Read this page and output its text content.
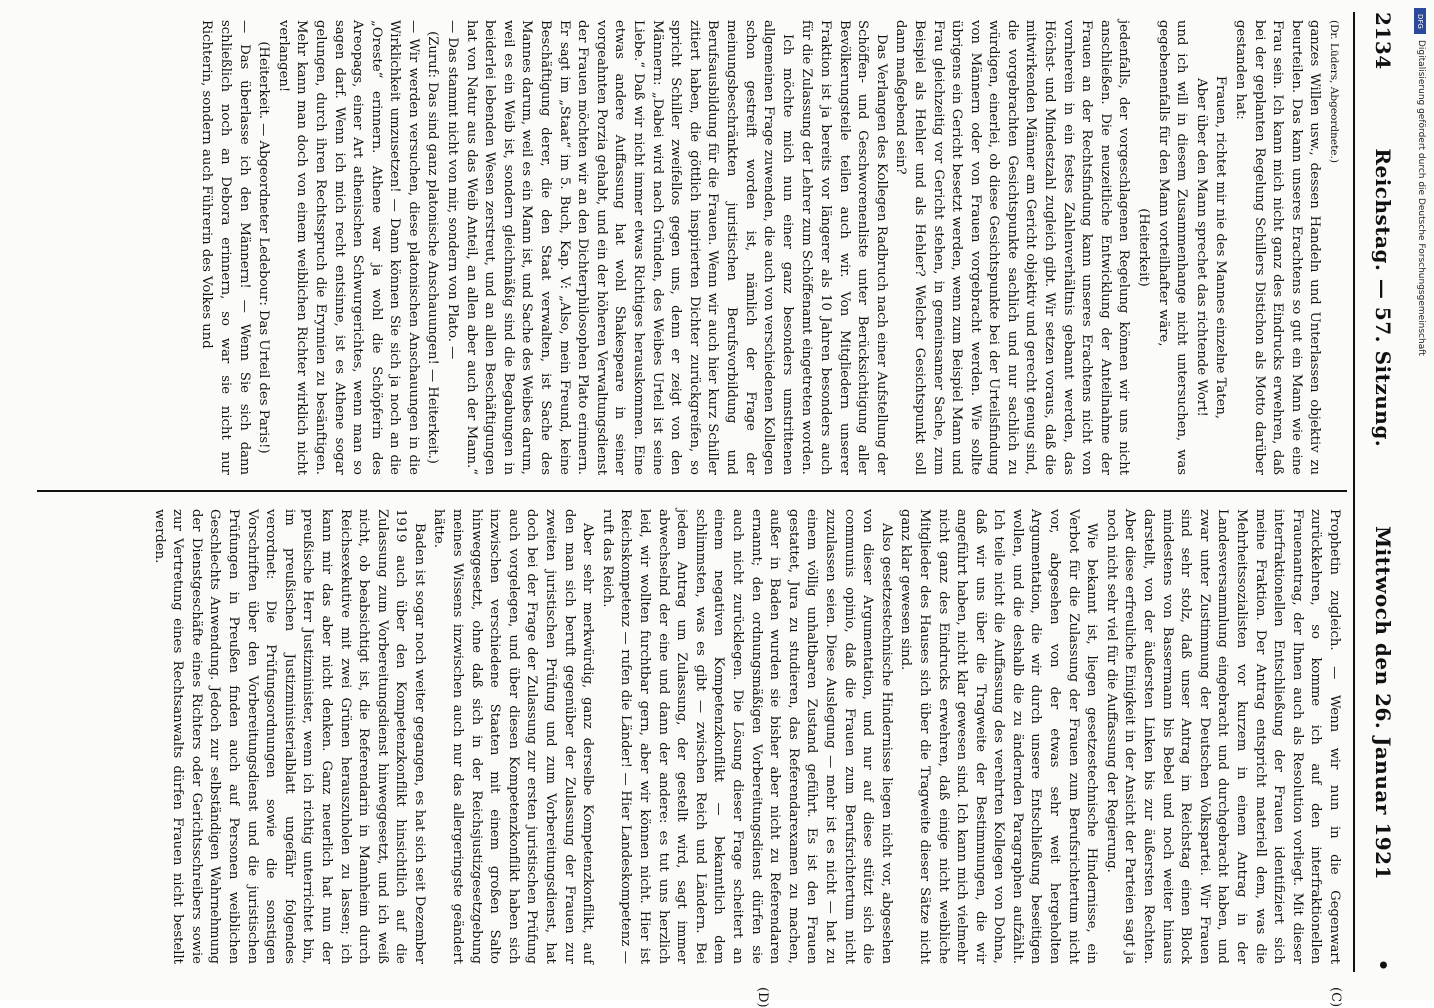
2134
Reichstag. — 57. Sitzung.
Mittwoch den 26. Januar 1921
•
(C)
(D)

(Dr. Lüders, Abgeordnete.)

ganzes Willen usw., dessen Handeln und Unterlassen objektiv zu beurteilen. Das kann unseres Erachtens so gut ein Mann wie eine Frau sein. Ich kann mich nicht ganz des Eindrucks erwehren, daß bei der geplanten Regelung Schillers Distichon als Motto darüber gestanden hat:

Frauen, richtet mir nie des Mannes einzelne Taten,

Aber über den Mann sprechet das richtende Wort!

und ich will in diesem Zusammenhange nicht untersuchen, was gegebenenfalls für den Mann vorteilhafter wäre,

(Heiterkeit)

jedenfalls, der vorgeschlagenen Regelung können wir uns nicht anschließen. Die neuzeitliche Entwicklung der Anteilnahme der Frauen an der Rechtsfindung kann unseres Erachtens nicht von vornherein in ein festes Zahlenverhältnis gebannt werden, das Höchst- und Mindestzahl zugleich gibt. Wir setzen voraus, daß die mitwirkenden Männer am Gericht objektiv und gerecht genug sind, die vorgebrachten Gesichtspunkte sachlich und nur sachlich zu würdigen, einerlei, ob diese Gesichtspunkte bei der Urteilsfindung von Männern oder von Frauen vorgebracht werden. Wie sollte übrigens ein Gericht besetzt werden, wenn zum Beispiel Mann und Frau gleichzeitig vor Gericht stehen, in gemeinsamer Sache, zum Beispiel als Hehler und als Hehler? Welcher Gesichtspunkt soll dann maßgebend sein?

Das Verlangen des Kollegen Radbruch nach einer Aufstellung der Schöffen- und Geschworenenliste unter Berücksichtigung aller Bevölkerungsteile teilen auch wir. Von Mitgliedern unserer Fraktion ist ja bereits vor längerer als 10 Jahren besonders auch für die Zulassung der Lehrer zum Schöffenamt eingetreten worden.

Ich möchte mich nun einer ganz besonders umstrittenen allgemeinen Frage zuwenden, die auch von verschiedenen Kollegen schon gestreift worden ist, nämlich der Frage der meinungsbeschränkten juristischen Berufsvorbildung und Berufsausbildung für die Frauen. Wenn wir auch hier kurz Schiller zitiert haben, die göttlich inspirierten Dichter zurückgreifen, so spricht Schiller zweifellos gegen uns, denn er zeigt von den Männern: „Dabei wird nach Gründen, des Weibes Urteil ist seine Liebe.“ Daß wir nicht immer etwas Richtiges herauskommen. Eine etwas andere Auffassung hat wohl Shakespeare in seiner vorgeahnten Porzia gehabt, und ein der höheren Verwaltungsdienst der Frauen möchten wir an den Dichterphilosophen Plato erinnern. Er sagt im „Staat“ im 5. Buch, Kap. V: „Also, mein Freund, keine Beschäftigung derer, die den Staat verwalten, ist Sache des Mannes darum, weil es ein Mann ist, und Sache des Weibes darum, weil es ein Weib ist, sondern gleichmäßig sind die Begabungen in beiderlei lebenden Wesen zerstreut, und an allen Beschäftigungen hat von Natur aus das Weib Anteil, an allen aber auch der Mann.“ — Das stammt nicht von mir, sondern von Plato. —

(Zuruf: Das sind ganz platonische Anschauungen! — Heiterkeit.)

— Wir werden versuchen, diese platonischen Anschauungen in die Wirklichkeit umzusetzen! — Dann können Sie sich ja noch an die „Oreste“ erinnern. Athene war ja wohl die Schöpferin des Areopags, einer Art athenischen Schwurgerichtes, wenn man so sagen darf. Wenn ich mich recht entsinne, ist es Athene sogar gelungen, durch ihren Rechtsspruch die Erynnien zu besänftigen. Mehr kann man doch von einem weiblichen Richter wirklich nicht verlangen!

(Heiterkeit. — Abgeordneter Ledebour: Das Urteil des Paris!)

— Das überlasse ich den Männern! — Wenn Sie sich dann schließlich noch an Debora erinnern, so war sie nicht nur Richterin, sondern auch Führerin des Volkes und

Prophetin zugleich. — Wenn wir nun in die Gegenwart zurückkehren, so komme ich auf den interfraktionellen Frauenantrag, der Ihnen auch als Resolution vorliegt. Mit dieser interfraktionellen Entschließung der Frauen identifiziert sich meine Fraktion. Der Antrag entspricht materiell dem, was die Mehrheitssozialisten vor kurzem in einem Antrag in der Landesversammlung eingebracht und durchgebracht haben, und zwar unter Zustimmung der Deutschen Volkspartei. Wir Frauen sind sehr stolz, daß unser Antrag im Reichstag einen Block mindestens von Bassermann bis Bebel und noch weiter hinaus darstellt, von der äußersten Linken bis zur äußersten Rechten. Aber diese erfreuliche Einigkeit in der Ansicht der Parteien sagt ja noch nicht sehr viel für die Auffassung der Regierung.

Wie bekannt ist, liegen gesetzestechnische Hindernisse, ein Verbot für die Zulassung der Frauen zum Berufsrichtertum nicht vor, abgesehen von der etwas sehr weit hergeholten Argumentation, die wir durch unsere Entschließung beseitigen wollen, und die deshalb die zu ändernden Paragraphen aufzählt. Ich teile nicht die Auffassung des verehrten Kollegen von Dohna, daß wir uns über die Tragweite der Bestimmungen, die wir angeführt haben, nicht klar gewesen sind. Ich kann mich vielmehr nicht ganz des Eindrucks erwehren, daß einige nicht weibliche Mitglieder des Hauses sich über die Tragweite dieser Sätze nicht ganz klar gewesen sind.

Also gesetzestechnische Hindernisse liegen nicht vor, abgesehen von dieser Argumentation, und nur auf diese stützt sich die communis opinio, daß die Frauen zum Berufsrichtertum nicht zuzulassen seien. Diese Auslegung — mehr ist es nicht — hat zu einem völlig unhaltbaren Zustand geführt. Es ist den Frauen gestattet, Jura zu studieren, das Referendarexamen zu machen, außer in Baden wurden sie bisher aber nicht zu Referendaren ernannt; den ordnungsmäßigen Vorbereitungsdienst dürfen sie auch nicht zurücklegen. Die Lösung dieser Frage scheitert an einem negativen Kompetenzkonflikt — bekanntlich dem schlimmsten, was es gibt — zwischen Reich und Ländern. Bei jedem Antrag um Zulassung, der gestellt wird, sagt immer abwechselnd der eine und dann der andere: es tut uns herzlich leid, wir wollten furchtbar gern, aber wir können nicht. Hier ist Reichskompetenz — rufen die Länder! — Hier Landeskompetenz — ruft das Reich.

Aber sehr merkwürdig, ganz derselbe Kompetenzkonflikt, auf den man sich beruft gegenüber der Zulassung der Frauen zur zweiten juristischen Prüfung und zum Vorbereitungsdienst, hat doch bei der Frage der Zulassung zur ersten juristischen Prüfung auch vorgelegen, und über diesen Kompetenzkonflikt haben sich inzwischen verschiedene Staaten mit einem großen Salto hinweggesetzt, ohne daß sich in der Reichsjustizgesetzgebung meines Wissens inzwischen auch nur das allergeringste geändert hätte.

Baden ist sogar noch weiter gegangen, es hat sich seit Dezember 1919 auch über den Kompetenzkonflikt hinsichtlich auf die Zulassung zum Vorbereitungsdienst hinweggesetzt, und ich weiß nicht, ob beabsichtigt ist, die Referendarin in Mannheim durch Reichsexekutive mit zwei Grünen herauszuholen zu lassen; ich kann mir das aber nicht denken. Ganz neuerlich hat nun der preußische Herr Justizminister, wenn ich richtig unterrichtet bin, im preußischen Justizministerialblatt ungefähr folgendes verordnet: Die Prüfungsordnungen sowie die sonstigen Vorschriften über den Vorbereitungsdienst und die juristischen Prüfungen in Preußen finden auch auf Personen weiblichen Geschlechts Anwendung. Jedoch zur selbständigen Wahrnehmung der Dienstgeschäfte eines Richters oder Gerichtsschreibers sowie zur Vertretung eines Rechtsanwalts dürfen Frauen nicht bestellt werden.

DFG
Digitalisierung gefördert durch die Deutsche Forschungsgemeinschaft
